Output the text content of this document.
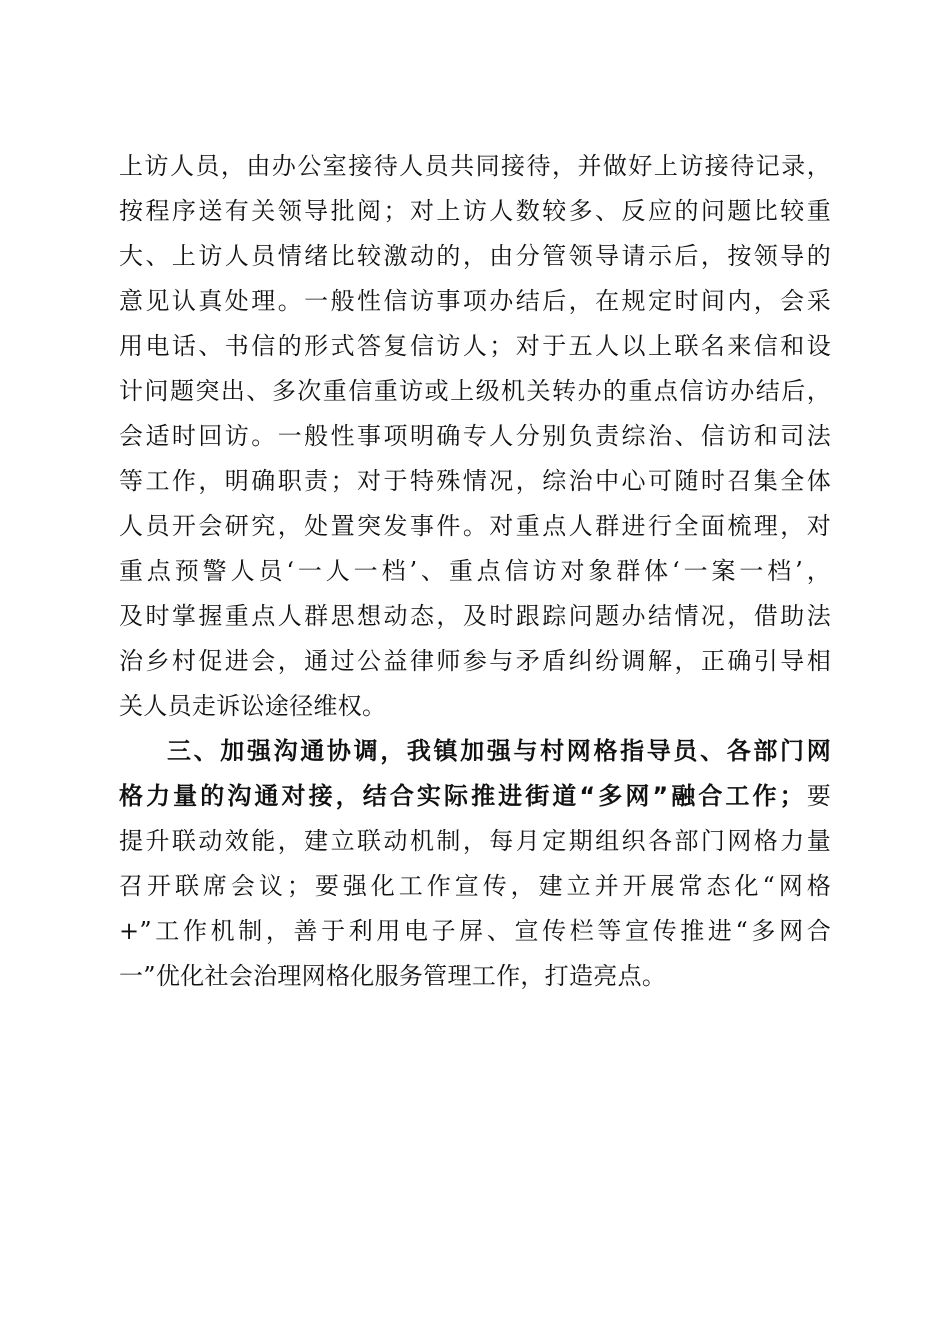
上访人员，由办公室接待人员共同接待，并做好上访接待记录，
按程序送有关领导批阅；对上访人数较多、反应的问题比较重
大、上访人员情绪比较激动的，由分管领导请示后，按领导的
意见认真处理。一般性信访事项办结后，在规定时间内，会采
用电话、书信的形式答复信访人；对于五人以上联名来信和设
计问题突出、多次重信重访或上级机关转办的重点信访办结后，
会适时回访。一般性事项明确专人分别负责综治、信访和司法
等工作，明确职责；对于特殊情况，综治中心可随时召集全体
人员开会研究，处置突发事件。对重点人群进行全面梳理，对
重点预警人员‘一人一档’、重点信访对象群体‘一案一档’，
及时掌握重点人群思想动态，及时跟踪问题办结情况，借助法
治乡村促进会，通过公益律师参与矛盾纠纷调解，正确引导相
关人员走诉讼途径维权。
三、加强沟通协调，我镇加强与村网格指导员、各部门网
格力量的沟通对接，结合实际推进街道“多网”融合工作；要
提升联动效能，建立联动机制，每月定期组织各部门网格力量
召开联席会议；要强化工作宣传，建立并开展常态化“网格
+”工作机制，善于利用电子屏、宣传栏等宣传推进“多网合
一”优化社会治理网格化服务管理工作，打造亮点。
